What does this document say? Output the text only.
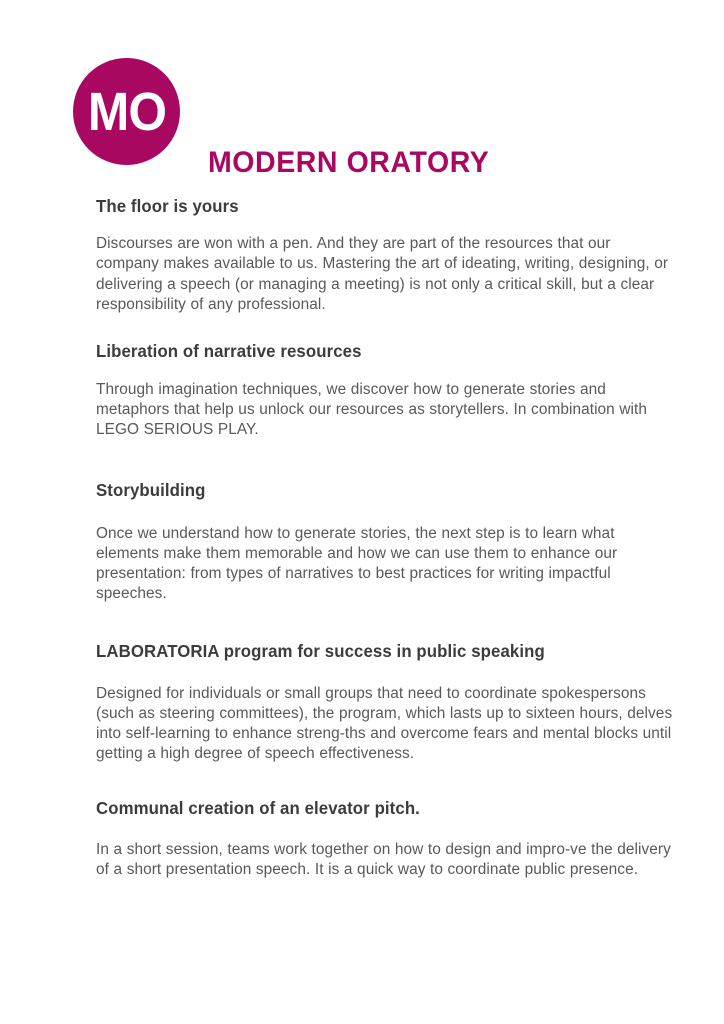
MO
MODERN ORATORY
The floor is yours

Discourses are won with a pen. And they are part of the resources that our company makes available to us. Mastering the art of ideating, writing, designing, or delivering a speech (or managing a meeting) is not only a critical skill, but a clear responsibility of any professional.

Liberation of narrative resources

Through imagination techniques, we discover how to generate stories and metaphors that help us unlock our resources as storytellers. In combination with LEGO SERIOUS PLAY.

Storybuilding

Once we understand how to generate stories, the next step is to learn what elements make them memorable and how we can use them to enhance our presentation: from types of narratives to best practices for writing impactful speeches.

LABORATORIA program for success in public speaking

Designed for individuals or small groups that need to coordinate spokespersons (such as steering committees), the program, which lasts up to sixteen hours, delves into self-learning to enhance streng-ths and overcome fears and mental blocks until getting a high degree of speech effectiveness.

Communal creation of an elevator pitch.

In a short session, teams work together on how to design and impro-ve the delivery of a short presentation speech. It is a quick way to coordinate public presence.
